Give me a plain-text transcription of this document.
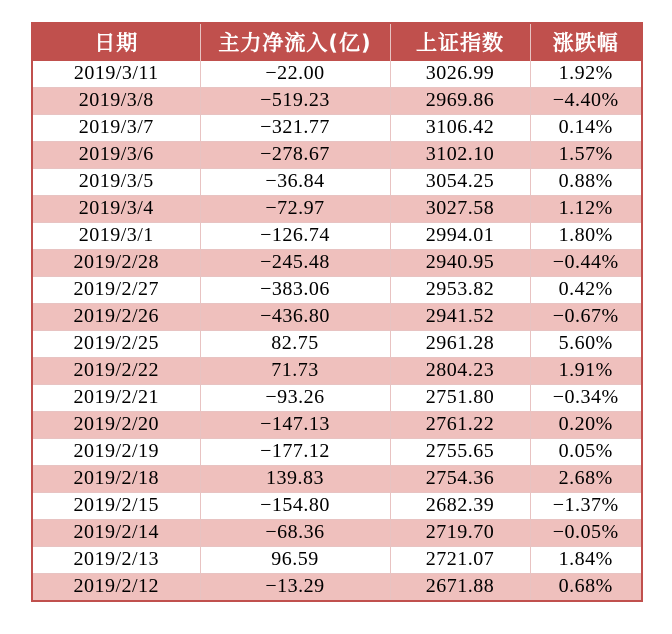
日期	主力净流入(亿)	上证指数	涨跌幅
2019/3/11	−22.00	3026.99	1.92%
2019/3/8	−519.23	2969.86	−4.40%
2019/3/7	−321.77	3106.42	0.14%
2019/3/6	−278.67	3102.10	1.57%
2019/3/5	−36.84	3054.25	0.88%
2019/3/4	−72.97	3027.58	1.12%
2019/3/1	−126.74	2994.01	1.80%
2019/2/28	−245.48	2940.95	−0.44%
2019/2/27	−383.06	2953.82	0.42%
2019/2/26	−436.80	2941.52	−0.67%
2019/2/25	82.75	2961.28	5.60%
2019/2/22	71.73	2804.23	1.91%
2019/2/21	−93.26	2751.80	−0.34%
2019/2/20	−147.13	2761.22	0.20%
2019/2/19	−177.12	2755.65	0.05%
2019/2/18	139.83	2754.36	2.68%
2019/2/15	−154.80	2682.39	−1.37%
2019/2/14	−68.36	2719.70	−0.05%
2019/2/13	96.59	2721.07	1.84%
2019/2/12	−13.29	2671.88	0.68%
